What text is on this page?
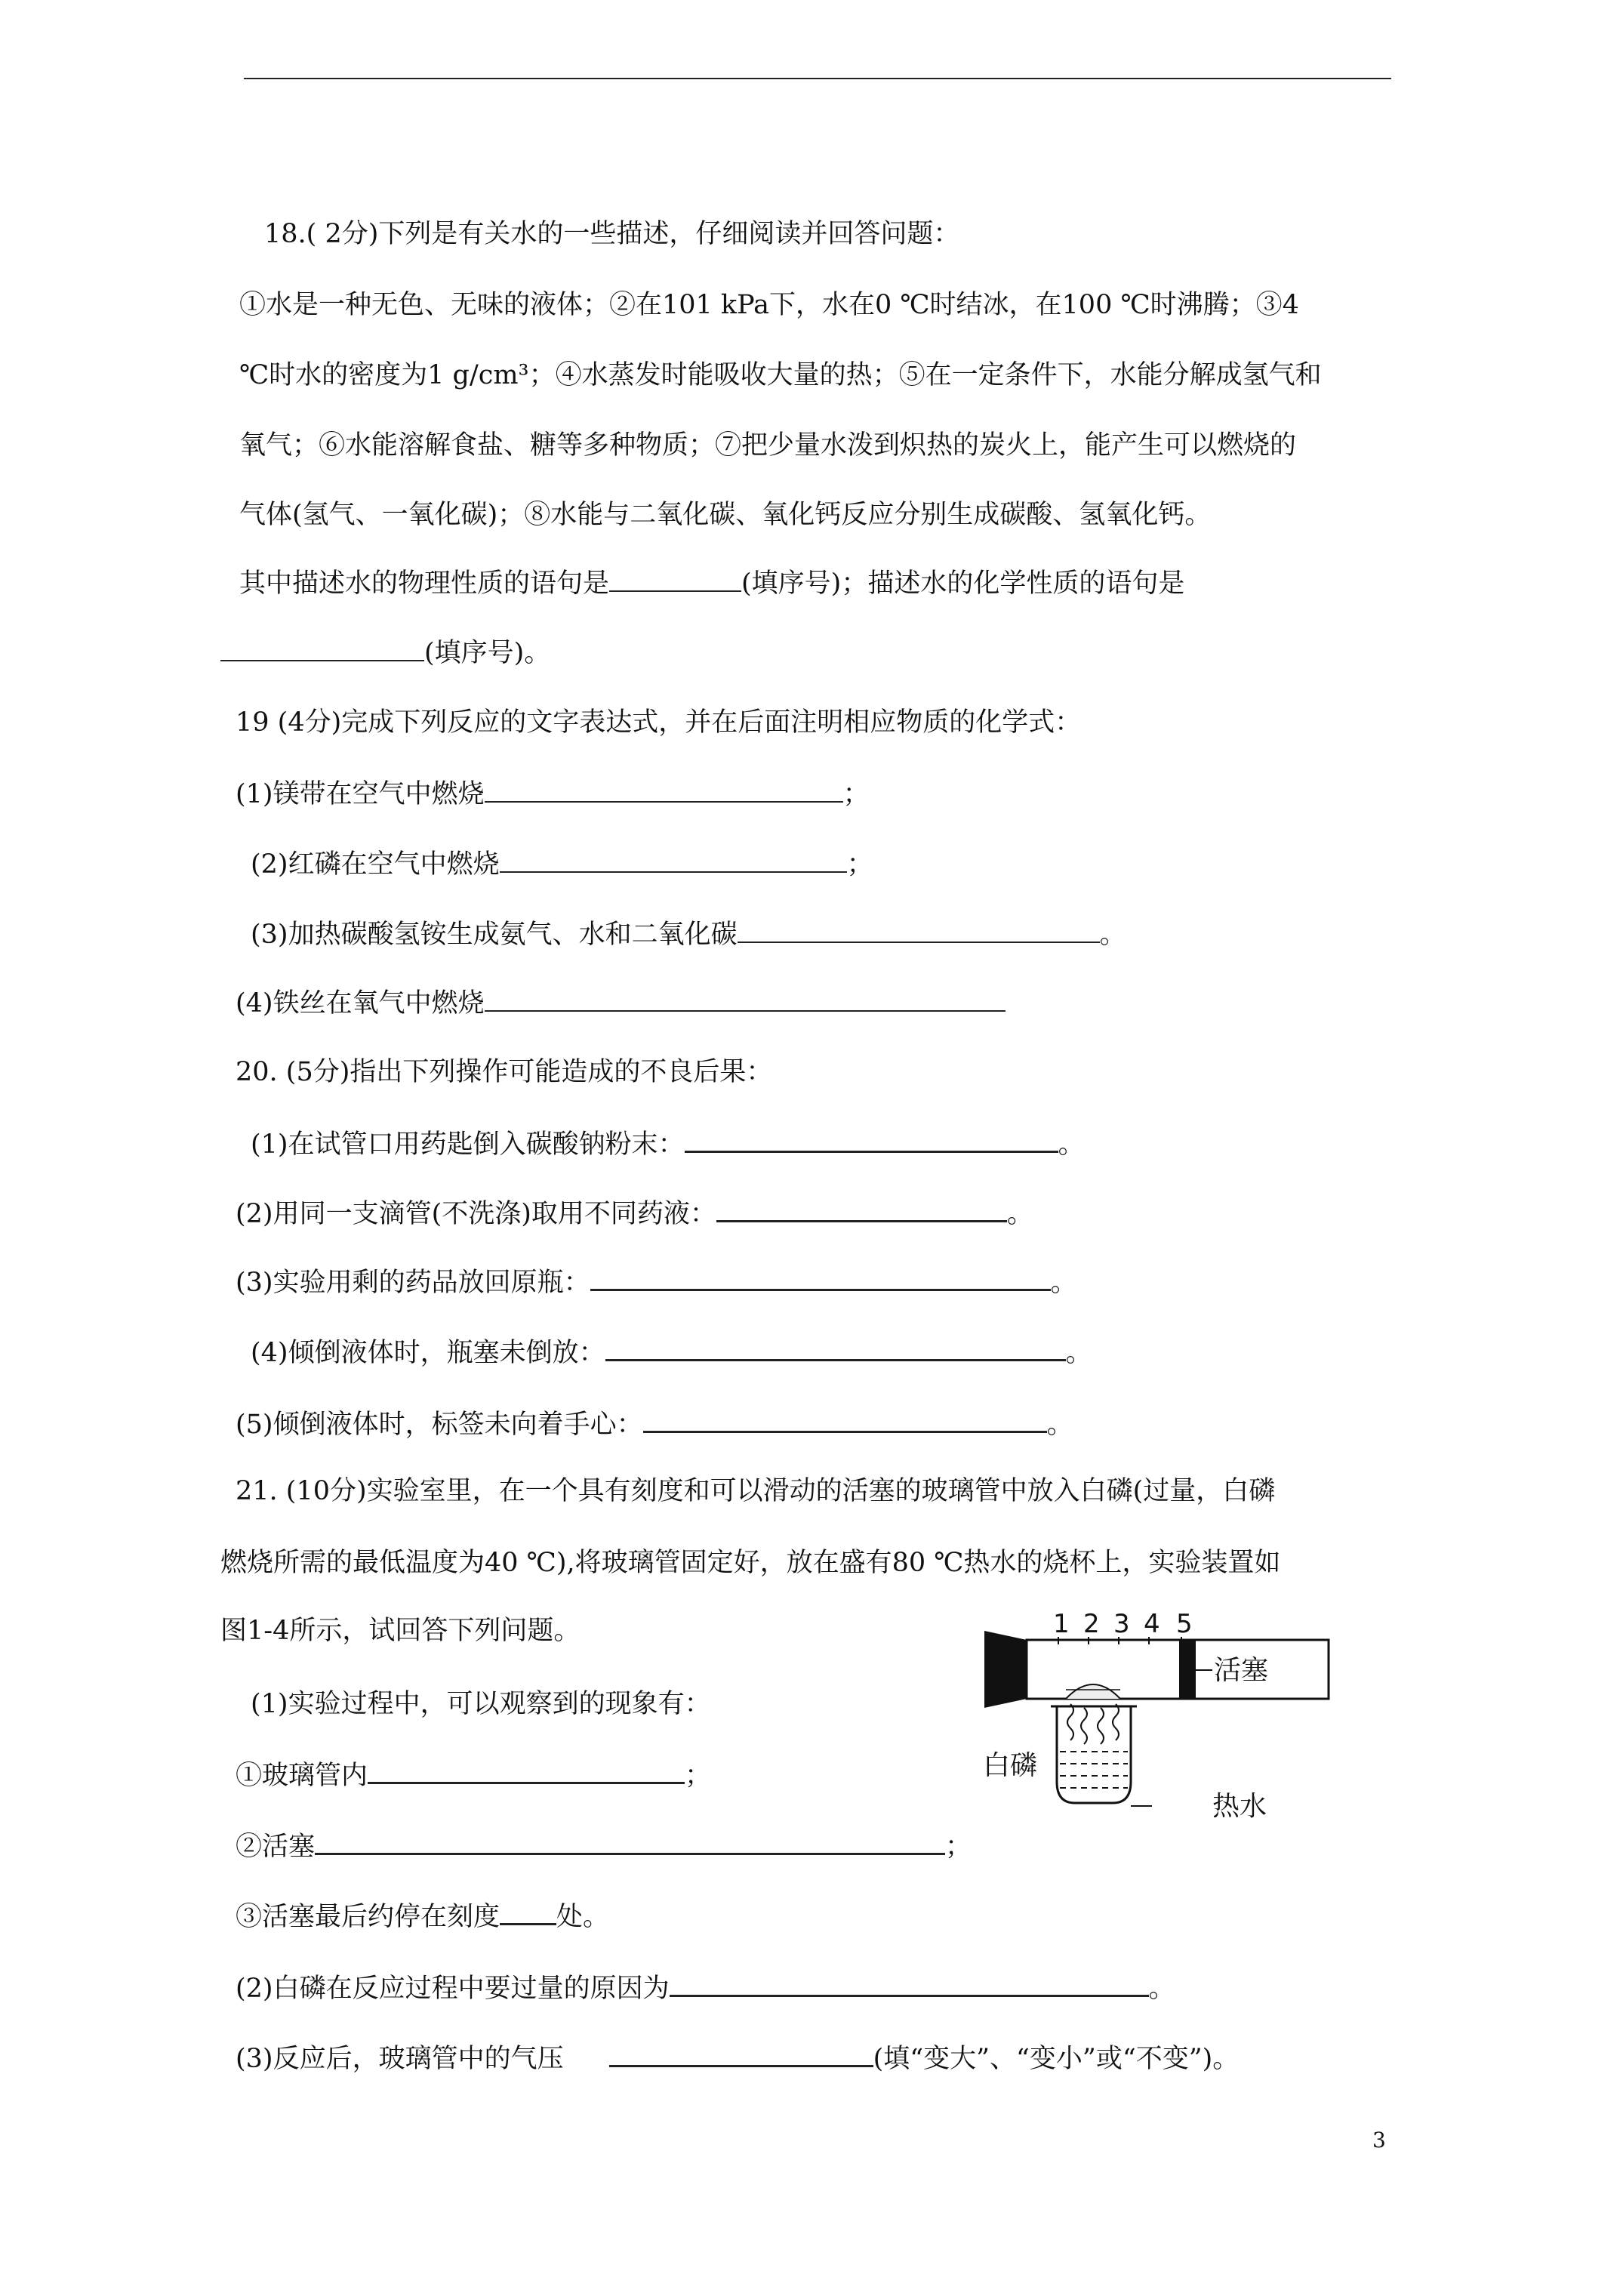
18.( 2分)下列是有关水的一些描述，仔细阅读并回答问题：
①水是一种无色、无味的液体；②在101 kPa下，水在0 ℃时结冰，在100 ℃时沸腾；③4
℃时水的密度为1 g/cm³；④水蒸发时能吸收大量的热；⑤在一定条件下，水能分解成氢气和
氧气；⑥水能溶解食盐、糖等多种物质；⑦把少量水泼到炽热的炭火上，能产生可以燃烧的
气体(氢气、一氧化碳)；⑧水能与二氧化碳、氧化钙反应分别生成碳酸、氢氧化钙。
其中描述水的物理性质的语句是	(填序号)；描述水的化学性质的语句是
(填序号)。
19 (4分)完成下列反应的文字表达式，并在后面注明相应物质的化学式：
(1)镁带在空气中燃烧	；
(2)红磷在空气中燃烧	；
(3)加热碳酸氢铵生成氨气、水和二氧化碳	。
(4)铁丝在氧气中燃烧
20. (5分)指出下列操作可能造成的不良后果：
(1)在试管口用药匙倒入碳酸钠粉末：	。
(2)用同一支滴管(不洗涤)取用不同药液：	。
(3)实验用剩的药品放回原瓶：	。
(4)倾倒液体时，瓶塞未倒放：	。
(5)倾倒液体时，标签未向着手心：	。
21. (10分)实验室里，在一个具有刻度和可以滑动的活塞的玻璃管中放入白磷(过量，白磷
燃烧所需的最低温度为40 ℃),将玻璃管固定好，放在盛有80 ℃热水的烧杯上，实验装置如
图1-4所示，试回答下列问题。
(1)实验过程中，可以观察到的现象有：
①玻璃管内	；
②活塞	；
③活塞最后约停在刻度 处。
(2)白磷在反应过程中要过量的原因为	。
(3)反应后，玻璃管中的气压	(填“变大”、“变小”或“不变”)。
1 2 3 4 5
活塞
白磷
热水
3
